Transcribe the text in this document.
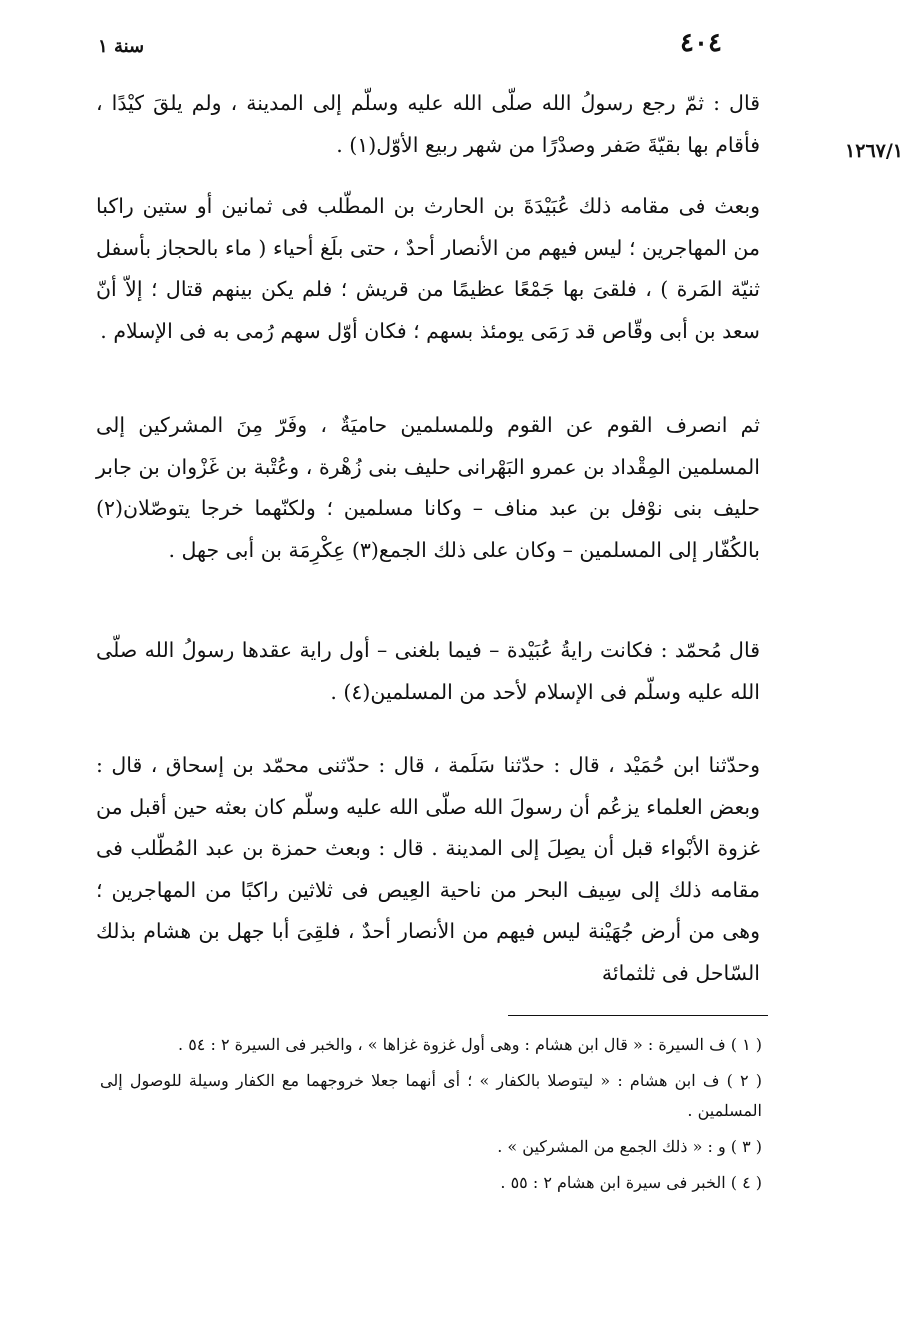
٤٠٤
سنة ١
١٢٦٧/١
قال : ثمّ رجع رسولُ الله صلّى الله عليه وسلّم إلى المدينة ، ولم يلقَ كيْدًا ، فأقام بها بقيّةَ صَفر وصدْرًا من شهر ربيع الأوّل(١) .
وبعث فى مقامه ذلك عُبَيْدَةَ بن الحارث بن المطّلب فى ثمانين أو ستين راكبا من المهاجرين ؛ ليس فيهم من الأنصار أحدٌ ، حتى بلَغ أحياء ( ماء بالحجاز بأسفل ثنيّة المَرة ) ، فلقىَ بها جَمْعًا عظيمًا من قريش ؛ فلم يكن بينهم قتال ؛ إلاّ أنّ سعد بن أبى وقّاص قد رَمَى يومئذ بسهم ؛ فكان أوّل سهم رُمى به فى الإسلام .
ثم انصرف القوم عن القوم وللمسلمين حاميَةٌ ، وفَرّ مِنَ المشركين إلى المسلمين المِقْداد بن عمرو البَهْرانى حليف بنى زُهْرة ، وعُتْبة بن غَزْوان بن جابر حليف بنى نوْفل بن عبد مناف – وكانا مسلمين ؛ ولكنّهما خرجا يتوصّلان(٢) بالكُفّار إلى المسلمين – وكان على ذلك الجمع(٣) عِكْرِمَة بن أبى جهل .
قال مُحمّد : فكانت رايةُ عُبَيْدة – فيما بلغنى – أول راية عقدها رسولُ الله صلّى الله عليه وسلّم فى الإسلام لأحد من المسلمين(٤) .
وحدّثنا ابن حُمَيْد ، قال : حدّثنا سَلَمة ، قال : حدّثنى محمّد بن إسحاق ، قال : وبعض العلماء يزعُم أن رسولَ الله صلّى الله عليه وسلّم كان بعثه حين أقبل من غزوة الأبْواء قبل أن يصِلَ إلى المدينة . قال : وبعث حمزة بن عبد المُطّلب فى مقامه ذلك إلى سِيف البحر من ناحية العِيص فى ثلاثين راكبًا من المهاجرين ؛ وهى من أرض جُهَيْنة ليس فيهم من الأنصار أحدٌ ، فلقِىَ أبا جهل بن هشام بذلك السّاحل فى ثلثمائة
( ١ ) ف السيرة : « قال ابن هشام : وهى أول غزوة غزاها » ، والخبر فى السيرة ٢ : ٥٤ .
( ٢ ) ف ابن هشام : « ليتوصلا بالكفار » ؛ أى أنهما جعلا خروجهما مع الكفار وسيلة للوصول إلى المسلمين .
( ٣ ) و : « ذلك الجمع من المشركين » .
( ٤ ) الخبر فى سيرة ابن هشام ٢ : ٥٥ .
